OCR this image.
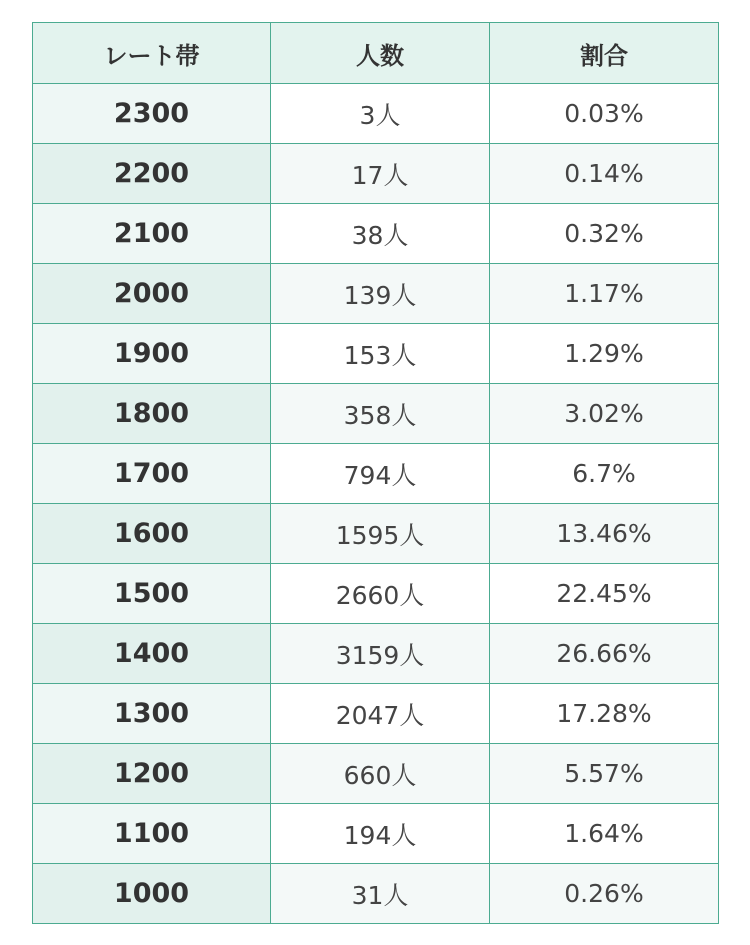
レート帯	人数	割合
2300	3人	0.03%
2200	17人	0.14%
2100	38人	0.32%
2000	139人	1.17%
1900	153人	1.29%
1800	358人	3.02%
1700	794人	6.7%
1600	1595人	13.46%
1500	2660人	22.45%
1400	3159人	26.66%
1300	2047人	17.28%
1200	660人	5.57%
1100	194人	1.64%
1000	31人	0.26%
